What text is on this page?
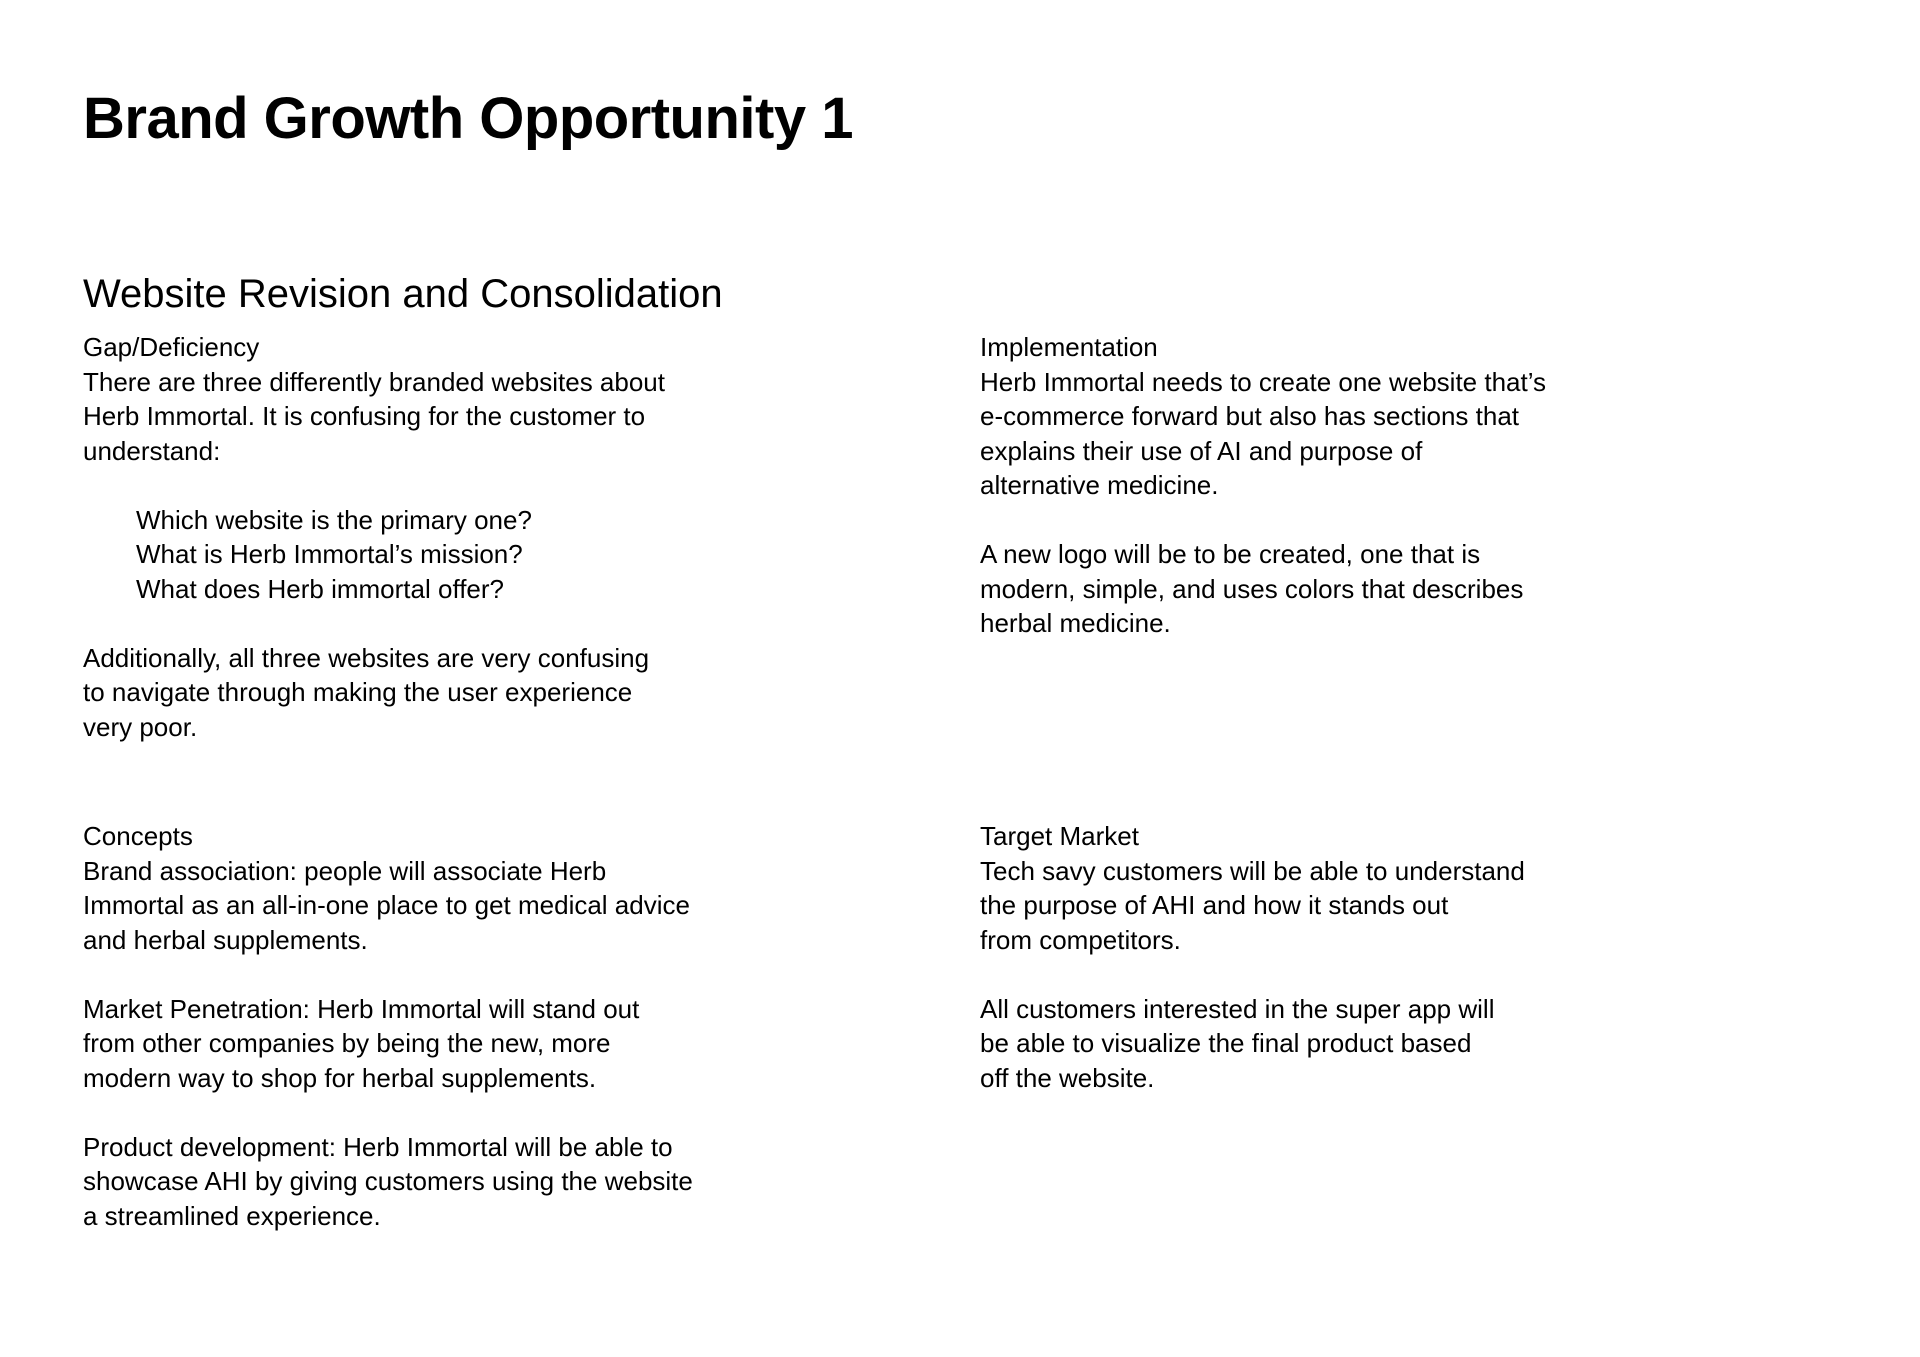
Brand Growth Opportunity 1
Website Revision and Consolidation
Gap/Deficiency

There are three differently branded websites about
Herb Immortal. It is confusing for the customer to
understand:

Which website is the primary one?
What is Herb Immortal’s mission?
What does Herb immortal offer?

Additionally, all three websites are very confusing
to navigate through making the user experience
very poor.

Implementation

Herb Immortal needs to create one website that’s
e-commerce forward but also has sections that
explains their use of AI and purpose of
alternative medicine.

A new logo will be to be created, one that is
modern, simple, and uses colors that describes
herbal medicine.

Concepts

Brand association: people will associate Herb
Immortal as an all-in-one place to get medical advice
and herbal supplements.

Market Penetration: Herb Immortal will stand out
from other companies by being the new, more
modern way to shop for herbal supplements.

Product development: Herb Immortal will be able to
showcase AHI by giving customers using the website
a streamlined experience.

Target Market

Tech savy customers will be able to understand
the purpose of AHI and how it stands out
from competitors.

All customers interested in the super app will
be able to visualize the final product based
off the website.
